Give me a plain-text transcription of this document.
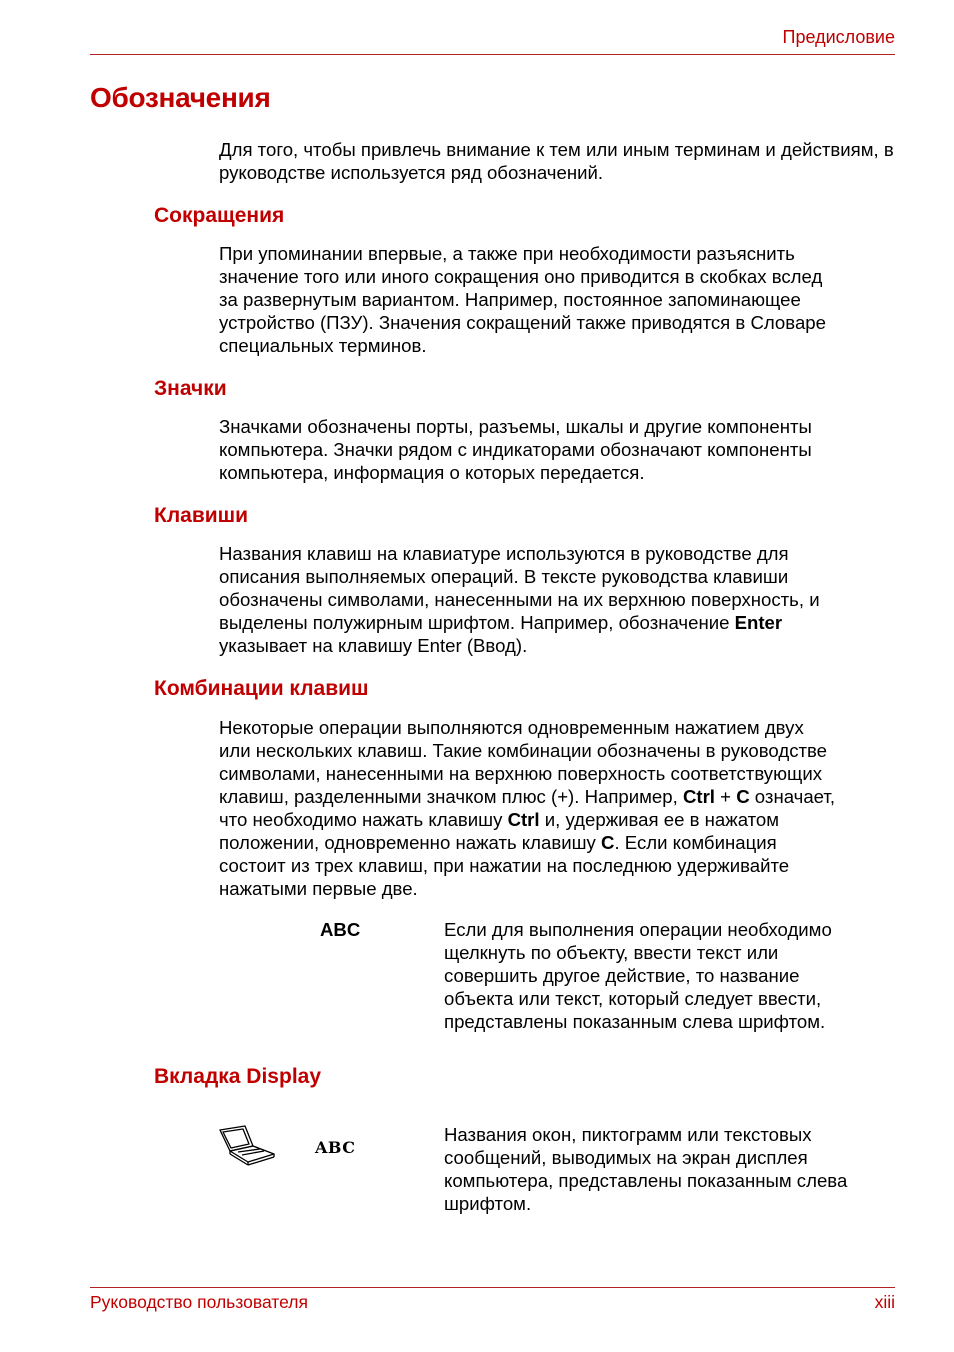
Предисловие
Обозначения

Для того, чтобы привлечь внимание к тем или иным терминам и действиям, в руководстве используется ряд обозначений.

Сокращения

При упоминании впервые, а также при необходимости разъяснить
значение того или иного сокращения оно приводится в скобках вслед
за развернутым вариантом. Например, постоянное запоминающее
устройство (ПЗУ). Значения сокращений также приводятся в Словаре
специальных терминов.

Значки

Значками обозначены порты, разъемы, шкалы и другие компоненты
компьютера. Значки рядом с индикаторами обозначают компоненты
компьютера, информация о которых передается.

Клавиши

Названия клавиш на клавиатуре используются в руководстве для
описания выполняемых операций. В тексте руководства клавиши
обозначены символами, нанесенными на их верхнюю поверхность, и
выделены полужирным шрифтом. Например, обозначение Enter
указывает на клавишу Enter (Ввод).

Комбинации клавиш

Некоторые операции выполняются одновременным нажатием двух
или нескольких клавиш. Такие комбинации обозначены в руководстве
символами, нанесенными на верхнюю поверхность соответствующих
клавиш, разделенными значком плюс (+). Например, Ctrl + C означает,
что необходимо нажать клавишу Ctrl и, удерживая ее в нажатом
положении, одновременно нажать клавишу C. Если комбинация
состоит из трех клавиш, при нажатии на последнюю удерживайте
нажатыми первые две.

ABC	Если для выполнения операции необходимо
щелкнуть по объекту, ввести текст или
совершить другое действие, то название
объекта или текст, который следует ввести,
представлены показанным слева шрифтом.

Вкладка Display
ABC

Названия окон, пиктограмм или текстовых
сообщений, выводимых на экран дисплея
компьютера, представлены показанным слева
шрифтом.

Руководство пользователя	xiii
